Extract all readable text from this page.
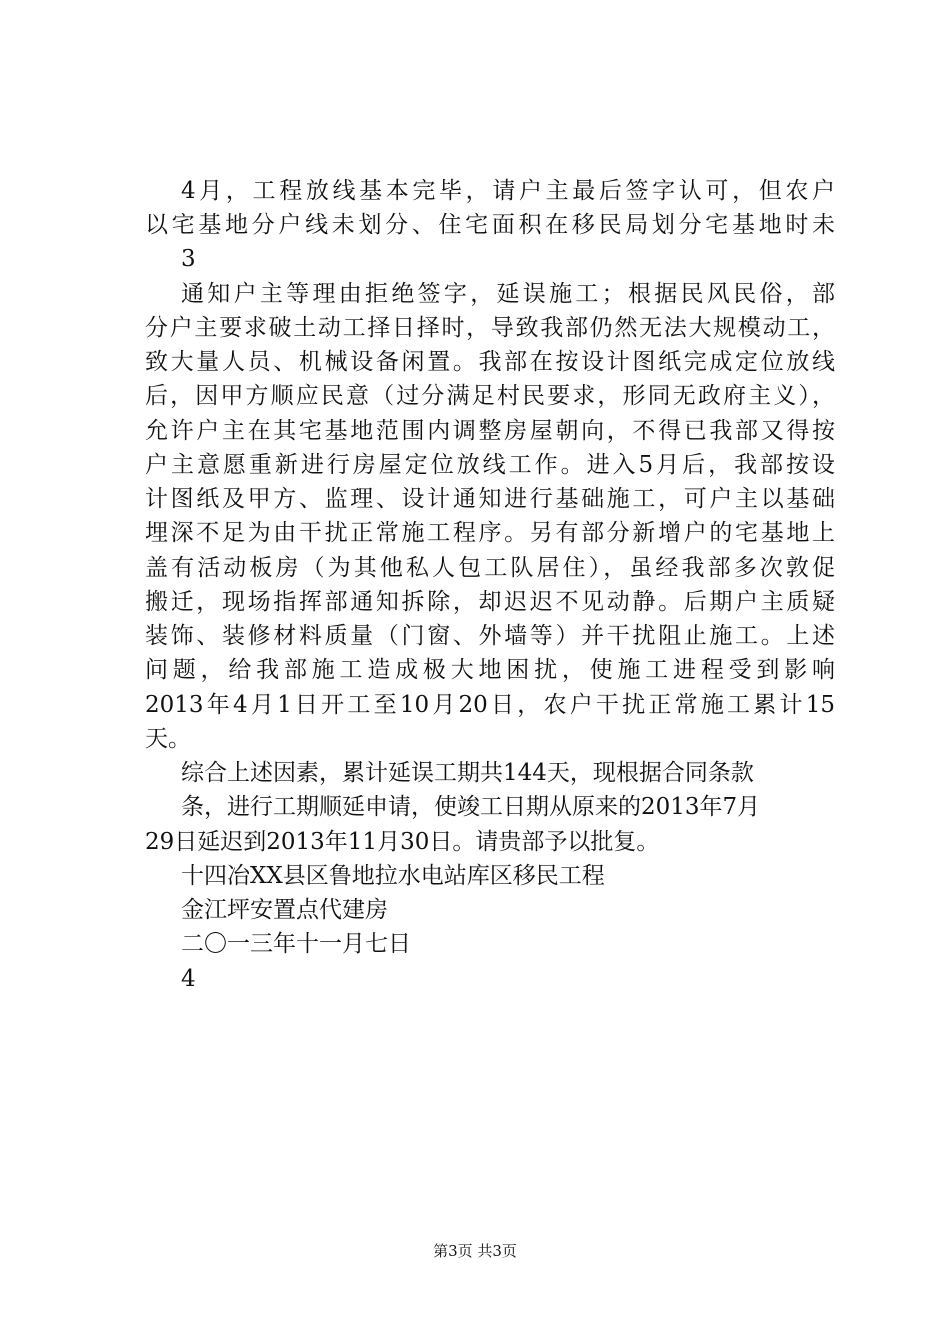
4月，工程放线基本完毕，请户主最后签字认可，但农户

以宅基地分户线未划分、住宅面积在移民局划分宅基地时未

3

通知户主等理由拒绝签字，延误施工；根据民风民俗，部

分户主要求破土动工择日择时，导致我部仍然无法大规模动工，

致大量人员、机械设备闲置。我部在按设计图纸完成定位放线

后，因甲方顺应民意（过分满足村民要求，形同无政府主义），

允许户主在其宅基地范围内调整房屋朝向，不得已我部又得按

户主意愿重新进行房屋定位放线工作。进入5月后，我部按设

计图纸及甲方、监理、设计通知进行基础施工，可户主以基础

埋深不足为由干扰正常施工程序。另有部分新增户的宅基地上

盖有活动板房（为其他私人包工队居住），虽经我部多次敦促

搬迁，现场指挥部通知拆除，却迟迟不见动静。后期户主质疑

装饰、装修材料质量（门窗、外墙等）并干扰阻止施工。上述

问题，给我部施工造成极大地困扰，使施工进程受到影响

2013年4月1日开工至10月20日，农户干扰正常施工累计15

天。

综合上述因素，累计延误工期共144天，现根据合同条款

条，进行工期顺延申请，使竣工日期从原来的2013年7月

29日延迟到2013年11月30日。请贵部予以批复。

十四冶XX县区鲁地拉水电站库区移民工程

金江坪安置点代建房

二〇一三年十一月七日

4

第3页 共3页
